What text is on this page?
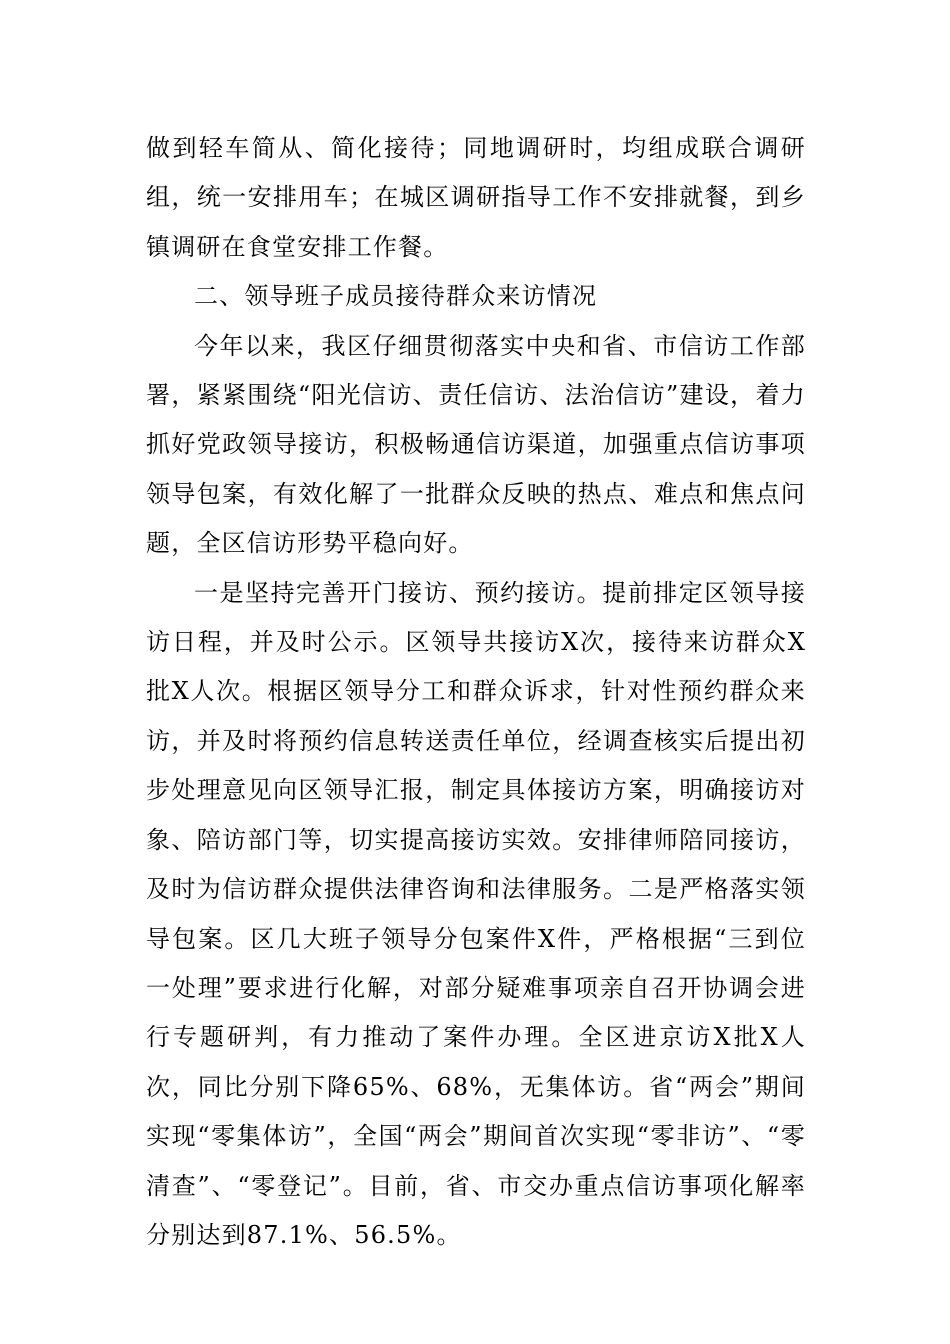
做到轻车简从、简化接待；同地调研时，均组成联合调研组，统一安排用车；在城区调研指导工作不安排就餐，到乡镇调研在食堂安排工作餐。

二、领导班子成员接待群众来访情况

今年以来，我区仔细贯彻落实中央和省、市信访工作部署，紧紧围绕“阳光信访、责任信访、法治信访”建设，着力抓好党政领导接访，积极畅通信访渠道，加强重点信访事项领导包案，有效化解了一批群众反映的热点、难点和焦点问题，全区信访形势平稳向好。

一是坚持完善开门接访、预约接访。提前排定区领导接访日程，并及时公示。区领导共接访X次，接待来访群众X批X人次。根据区领导分工和群众诉求，针对性预约群众来访，并及时将预约信息转送责任单位，经调查核实后提出初步处理意见向区领导汇报，制定具体接访方案，明确接访对象、陪访部门等，切实提高接访实效。安排律师陪同接访，及时为信访群众提供法律咨询和法律服务。二是严格落实领导包案。区几大班子领导分包案件X件，严格根据“三到位一处理”要求进行化解，对部分疑难事项亲自召开协调会进行专题研判，有力推动了案件办理。全区进京访X批X人次，同比分别下降65%、68%，无集体访。省“两会”期间实现“零集体访”，全国“两会”期间首次实现“零非访”、“零清查”、“零登记”。目前，省、市交办重点信访事项化解率分别达到87.1%、56.5%。
